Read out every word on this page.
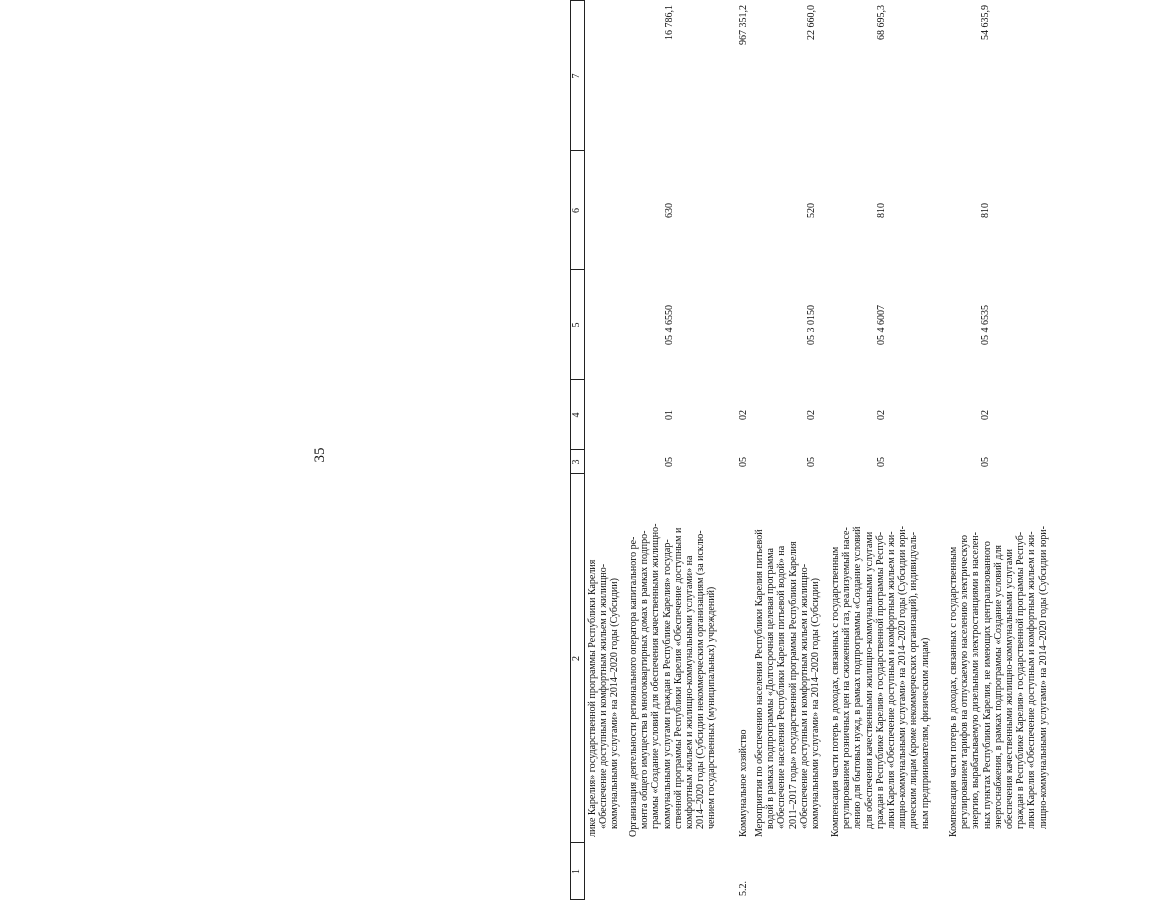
35
1
2
3
4
5
6
7
лике Карелия» государственной программы Республики Карелия «Обеспечение доступным и комфортным жильем и жилищно- коммунальными услугами» на 2014–2020 годы (Субсидии) Организация деятельности регионального оператора капитального ре- монта общего имущества в многоквартирных домах в рамках подпро- граммы «Создание условий для обеспечения качественными жилищно- коммунальными услугами граждан в Республике Карелия» государ- ственной программы Республики Карелия «Обеспечение доступным и комфортным жильем и жилищно-коммунальными услугами» на 2014–2020 годы (Субсидии некоммерческим организациям (за исклю- чением государственных (муниципальных) учреждений)
05
01
05 4 6550
630
16 786,1
Коммунальное хозяйство
5.2.
05
02
967 351,2
Мероприятия по обеспечению населения Республики Карелия питьевой водой в рамках подпрограммы «Долгосрочная целевая программа «Обеспечение населения Республики Карелия питьевой водой» на 2011–2017 годы» государственной программы Республики Карелия «Обеспечение доступным и комфортным жильем и жилищно- коммунальными услугами» на 2014–2020 годы (Субсидии)
05
02
05 3 0150
520
22 660,0
Компенсация части потерь в доходах, связанных с государственным регулированием розничных цен на сжиженный газ, реализуемый насе- лению для бытовых нужд, в рамках подпрограммы «Создание условий для обеспечения качественными жилищно-коммунальными услугами граждан в Республике Карелия» государственной программы Респуб- лики Карелия «Обеспечение доступным и комфортным жильем и жи- лищно-коммунальными услугами» на 2014–2020 годы (Субсидии юри- дическим лицам (кроме некоммерческих организаций), индивидуаль- ным предпринимателям, физическим лицам)
05
02
05 4 6007
810
68 695,3
Компенсация части потерь в доходах, связанных с государственным регулированием тарифов на отпускаемую населению электрическую энергию, вырабатываемую дизельными электростанциями в населен- ных пунктах Республики Карелия, не имеющих централизованного энергоснабжения, в рамках подпрограммы «Создание условий для обеспечения качественными жилищно-коммунальными услугами граждан в Республике Карелия» государственной программы Респуб- лики Карелия «Обеспечение доступным и комфортным жильем и жи- лищно-коммунальными услугами» на 2014–2020 годы (Субсидии юри-
05
02
05 4 6535
810
54 635,9
